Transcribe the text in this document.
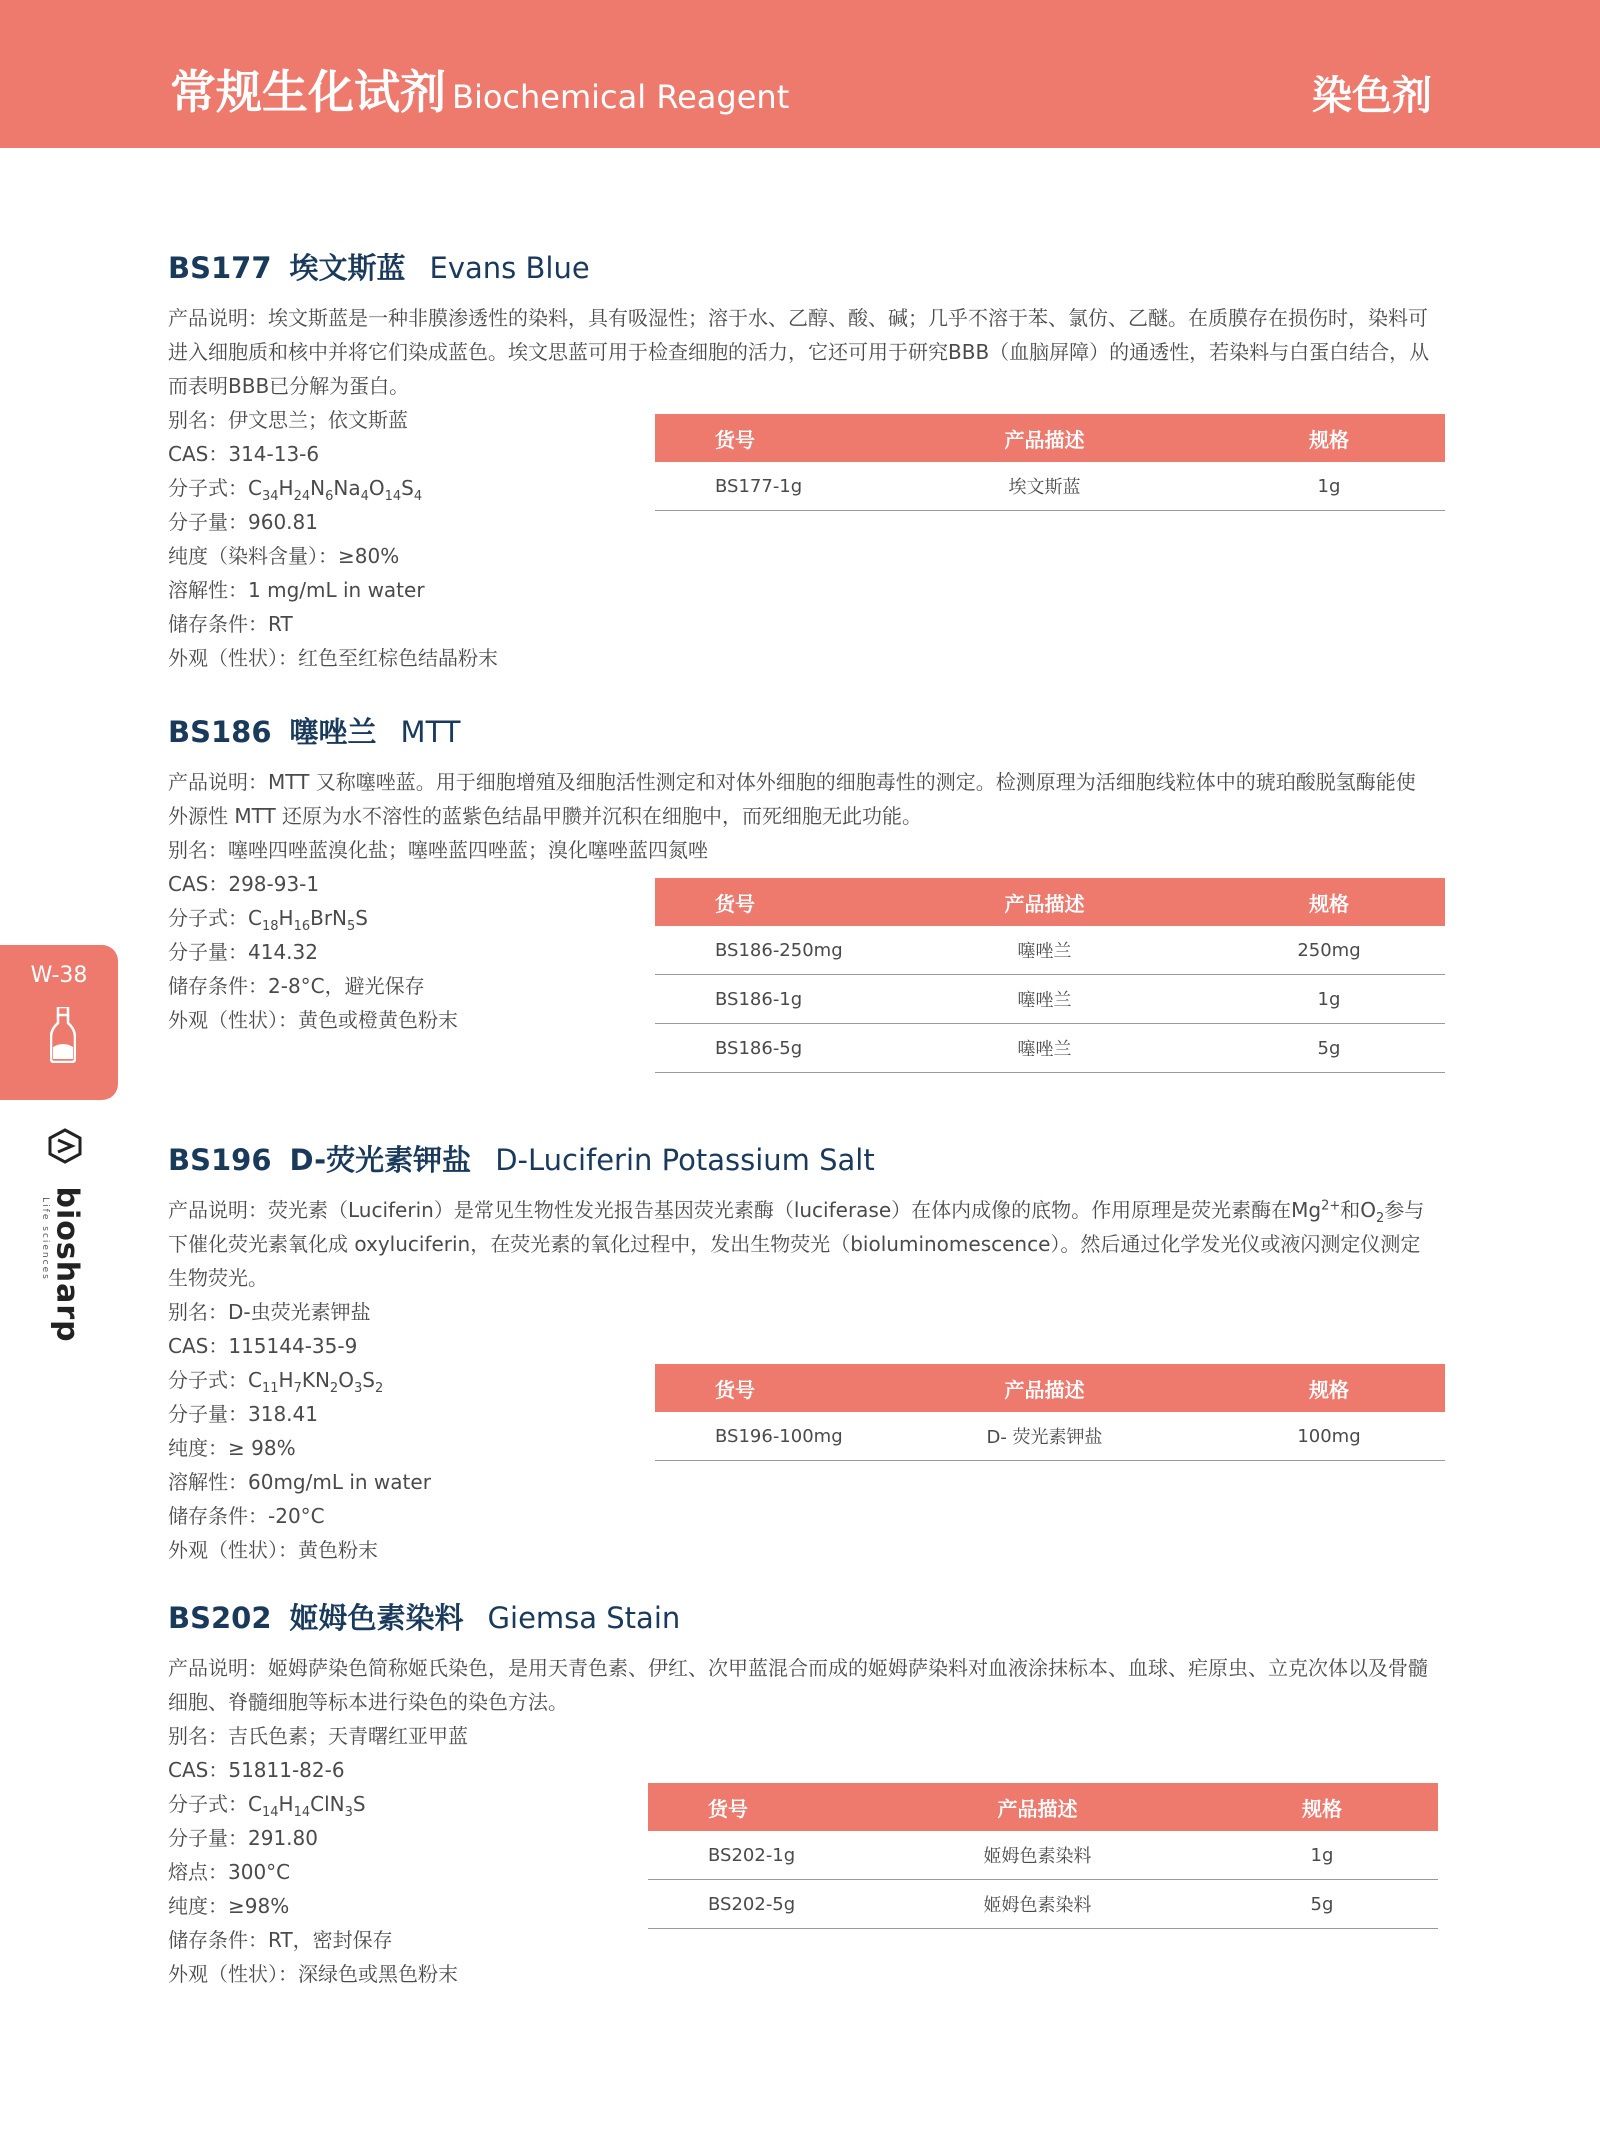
常规生化试剂 Biochemical Reagent	染色剂
W-38
biosharp
Life sciences
BS177 埃文斯蓝 Evans Blue
产品说明：埃文斯蓝是一种非膜渗透性的染料，具有吸湿性；溶于水、乙醇、酸、碱；几乎不溶于苯、氯仿、乙醚。在质膜存在损伤时，染料可进入细胞质和核中并将它们染成蓝色。埃文思蓝可用于检查细胞的活力，它还可用于研究BBB（血脑屏障）的通透性，若染料与白蛋白结合，从而表明BBB已分解为蛋白。
别名：伊文思兰；依文斯蓝
CAS：314-13-6
分子式：$C_{34}H_{24}N_6Na_4O_{14}S_4$
分子量：960.81
纯度（染料含量）：≥80%
溶解性：1 mg/mL in water
储存条件：RT
外观（性状）：红色至红棕色结晶粉末
货号	产品描述	规格
BS177-1g	埃文斯蓝	1g
BS186 噻唑兰 MTT
产品说明：MTT 又称噻唑蓝。用于细胞增殖及细胞活性测定和对体外细胞的细胞毒性的测定。检测原理为活细胞线粒体中的琥珀酸脱氢酶能使外源性 MTT 还原为水不溶性的蓝紫色结晶甲臜并沉积在细胞中，而死细胞无此功能。
别名：噻唑四唑蓝溴化盐；噻唑蓝四唑蓝；溴化噻唑蓝四氮唑
CAS：298-93-1
分子式：$C_{18}H_{16}BrN_5S$
分子量：414.32
储存条件：2-8°C，避光保存
外观（性状）：黄色或橙黄色粉末
货号	产品描述	规格
BS186-250mg	噻唑兰	250mg
BS186-1g	噻唑兰	1g
BS186-5g	噻唑兰	5g
BS196 D-荧光素钾盐 D-Luciferin Potassium Salt
产品说明：荧光素（Luciferin）是常见生物性发光报告基因荧光素酶（luciferase）在体内成像的底物。作用原理是荧光素酶在$Mg^{2+}$和$O_2$参与下催化荧光素氧化成 oxyluciferin，在荧光素的氧化过程中，发出生物荧光（bioluminomescence）。然后通过化学发光仪或液闪测定仪测定生物荧光。
别名：D-虫荧光素钾盐
CAS：115144-35-9
分子式：$C_{11}H_7KN_2O_3S_2$
分子量：318.41
纯度：≥ 98%
溶解性：60mg/mL in water
储存条件：-20°C
外观（性状）：黄色粉末
货号	产品描述	规格
BS196-100mg	D- 荧光素钾盐	100mg
BS202 姬姆色素染料 Giemsa Stain
产品说明：姬姆萨染色简称姬氏染色，是用天青色素、伊红、次甲蓝混合而成的姬姆萨染料对血液涂抹标本、血球、疟原虫、立克次体以及骨髓细胞、脊髓细胞等标本进行染色的染色方法。
别名：吉氏色素；天青曙红亚甲蓝
CAS：51811-82-6
分子式：$C_{14}H_{14}ClN_3S$
分子量：291.80
熔点：300°C
纯度：≥98%
储存条件：RT，密封保存
外观（性状）：深绿色或黑色粉末
货号	产品描述	规格
BS202-1g	姬姆色素染料	1g
BS202-5g	姬姆色素染料	5g
